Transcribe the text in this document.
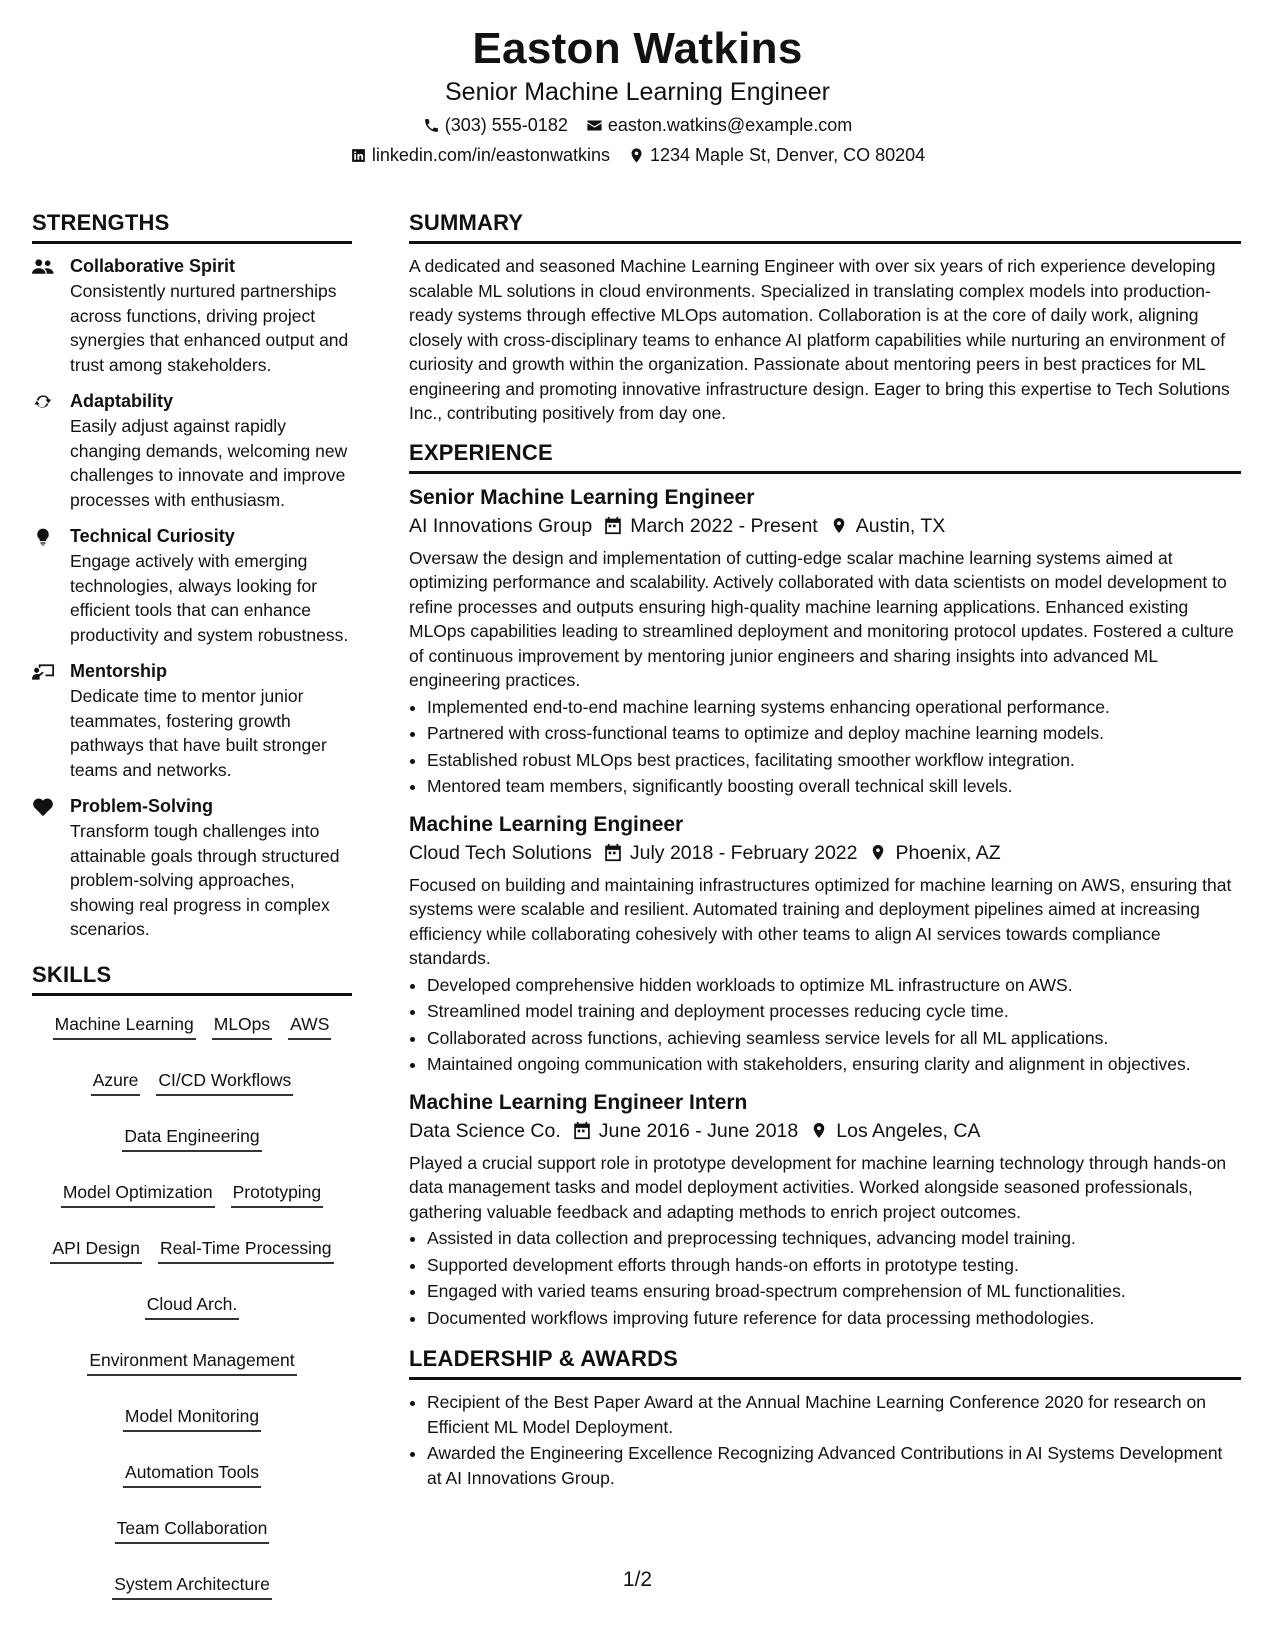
Easton Watkins
Senior Machine Learning Engineer
(303) 555-0182 easton.watkins@example.com
linkedin.com/in/eastonwatkins 1234 Maple St, Denver, CO 80204
STRENGTHS
Collaborative Spirit
Consistently nurtured partnerships across functions, driving project synergies that enhanced output and trust among stakeholders.
Adaptability
Easily adjust against rapidly changing demands, welcoming new challenges to innovate and improve processes with enthusiasm.
Technical Curiosity
Engage actively with emerging technologies, always looking for efficient tools that can enhance productivity and system robustness.
Mentorship
Dedicate time to mentor junior teammates, fostering growth pathways that have built stronger teams and networks.
Problem-Solving
Transform tough challenges into attainable goals through structured problem-solving approaches, showing real progress in complex scenarios.
SKILLS
Machine Learning MLOps AWS
Azure CI/CD Workflows
Data Engineering
Model Optimization Prototyping
API Design Real-Time Processing
Cloud Arch.
Environment Management
Model Monitoring
Automation Tools
Team Collaboration
System Architecture
SUMMARY
A dedicated and seasoned Machine Learning Engineer with over six years of rich experience developing scalable ML solutions in cloud environments. Specialized in translating complex models into production-ready systems through effective MLOps automation. Collaboration is at the core of daily work, aligning closely with cross-disciplinary teams to enhance AI platform capabilities while nurturing an environment of curiosity and growth within the organization. Passionate about mentoring peers in best practices for ML engineering and promoting innovative infrastructure design. Eager to bring this expertise to Tech Solutions Inc., contributing positively from day one.
EXPERIENCE
Senior Machine Learning Engineer
AI Innovations Group March 2022 - Present Austin, TX
Oversaw the design and implementation of cutting-edge scalar machine learning systems aimed at optimizing performance and scalability. Actively collaborated with data scientists on model development to refine processes and outputs ensuring high-quality machine learning applications. Enhanced existing MLOps capabilities leading to streamlined deployment and monitoring protocol updates. Fostered a culture of continuous improvement by mentoring junior engineers and sharing insights into advanced ML engineering practices.
• Implemented end-to-end machine learning systems enhancing operational performance.
• Partnered with cross-functional teams to optimize and deploy machine learning models.
• Established robust MLOps best practices, facilitating smoother workflow integration.
• Mentored team members, significantly boosting overall technical skill levels.
Machine Learning Engineer
Cloud Tech Solutions July 2018 - February 2022 Phoenix, AZ
Focused on building and maintaining infrastructures optimized for machine learning on AWS, ensuring that systems were scalable and resilient. Automated training and deployment pipelines aimed at increasing efficiency while collaborating cohesively with other teams to align AI services towards compliance standards.
• Developed comprehensive hidden workloads to optimize ML infrastructure on AWS.
• Streamlined model training and deployment processes reducing cycle time.
• Collaborated across functions, achieving seamless service levels for all ML applications.
• Maintained ongoing communication with stakeholders, ensuring clarity and alignment in objectives.
Machine Learning Engineer Intern
Data Science Co. June 2016 - June 2018 Los Angeles, CA
Played a crucial support role in prototype development for machine learning technology through hands-on data management tasks and model deployment activities. Worked alongside seasoned professionals, gathering valuable feedback and adapting methods to enrich project outcomes.
• Assisted in data collection and preprocessing techniques, advancing model training.
• Supported development efforts through hands-on efforts in prototype testing.
• Engaged with varied teams ensuring broad-spectrum comprehension of ML functionalities.
• Documented workflows improving future reference for data processing methodologies.
LEADERSHIP & AWARDS
• Recipient of the Best Paper Award at the Annual Machine Learning Conference 2020 for research on Efficient ML Model Deployment.
• Awarded the Engineering Excellence Recognizing Advanced Contributions in AI Systems Development at AI Innovations Group.
1/2
